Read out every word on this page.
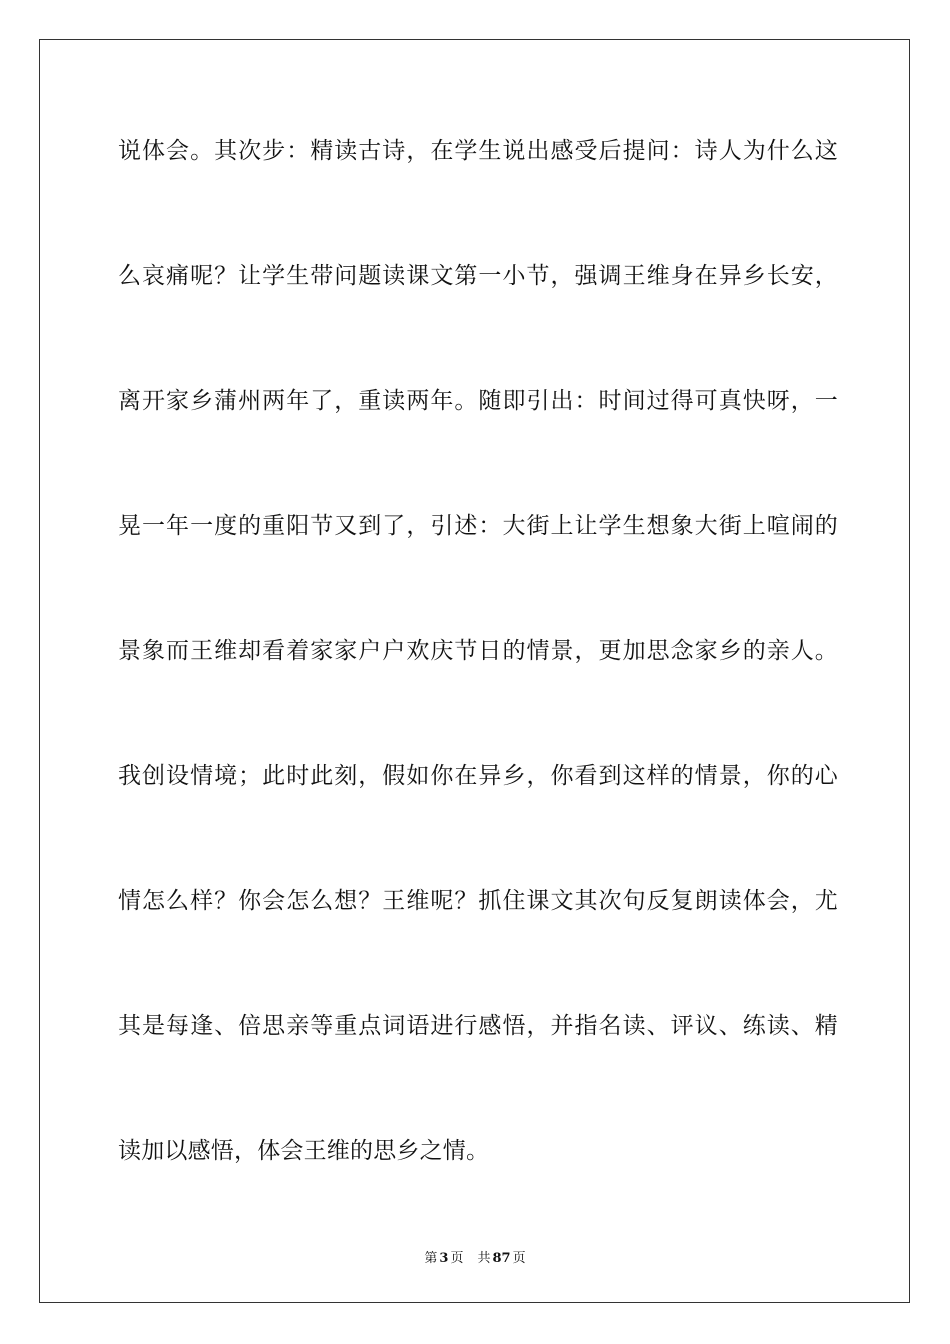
说体会。其次步：精读古诗，在学生说出感受后提问：诗人为什么这

么哀痛呢？让学生带问题读课文第一小节，强调王维身在异乡长安，

离开家乡蒲州两年了，重读两年。随即引出：时间过得可真快呀，一

晃一年一度的重阳节又到了，引述：大街上让学生想象大街上喧闹的

景象而王维却看着家家户户欢庆节日的情景，更加思念家乡的亲人。

我创设情境；此时此刻，假如你在异乡，你看到这样的情景，你的心

情怎么样？你会怎么想？王维呢？抓住课文其次句反复朗读体会，尤

其是每逢、倍思亲等重点词语进行感悟，并指名读、评议、练读、精

读加以感悟，体会王维的思乡之情。

第 3 页 共 87 页
